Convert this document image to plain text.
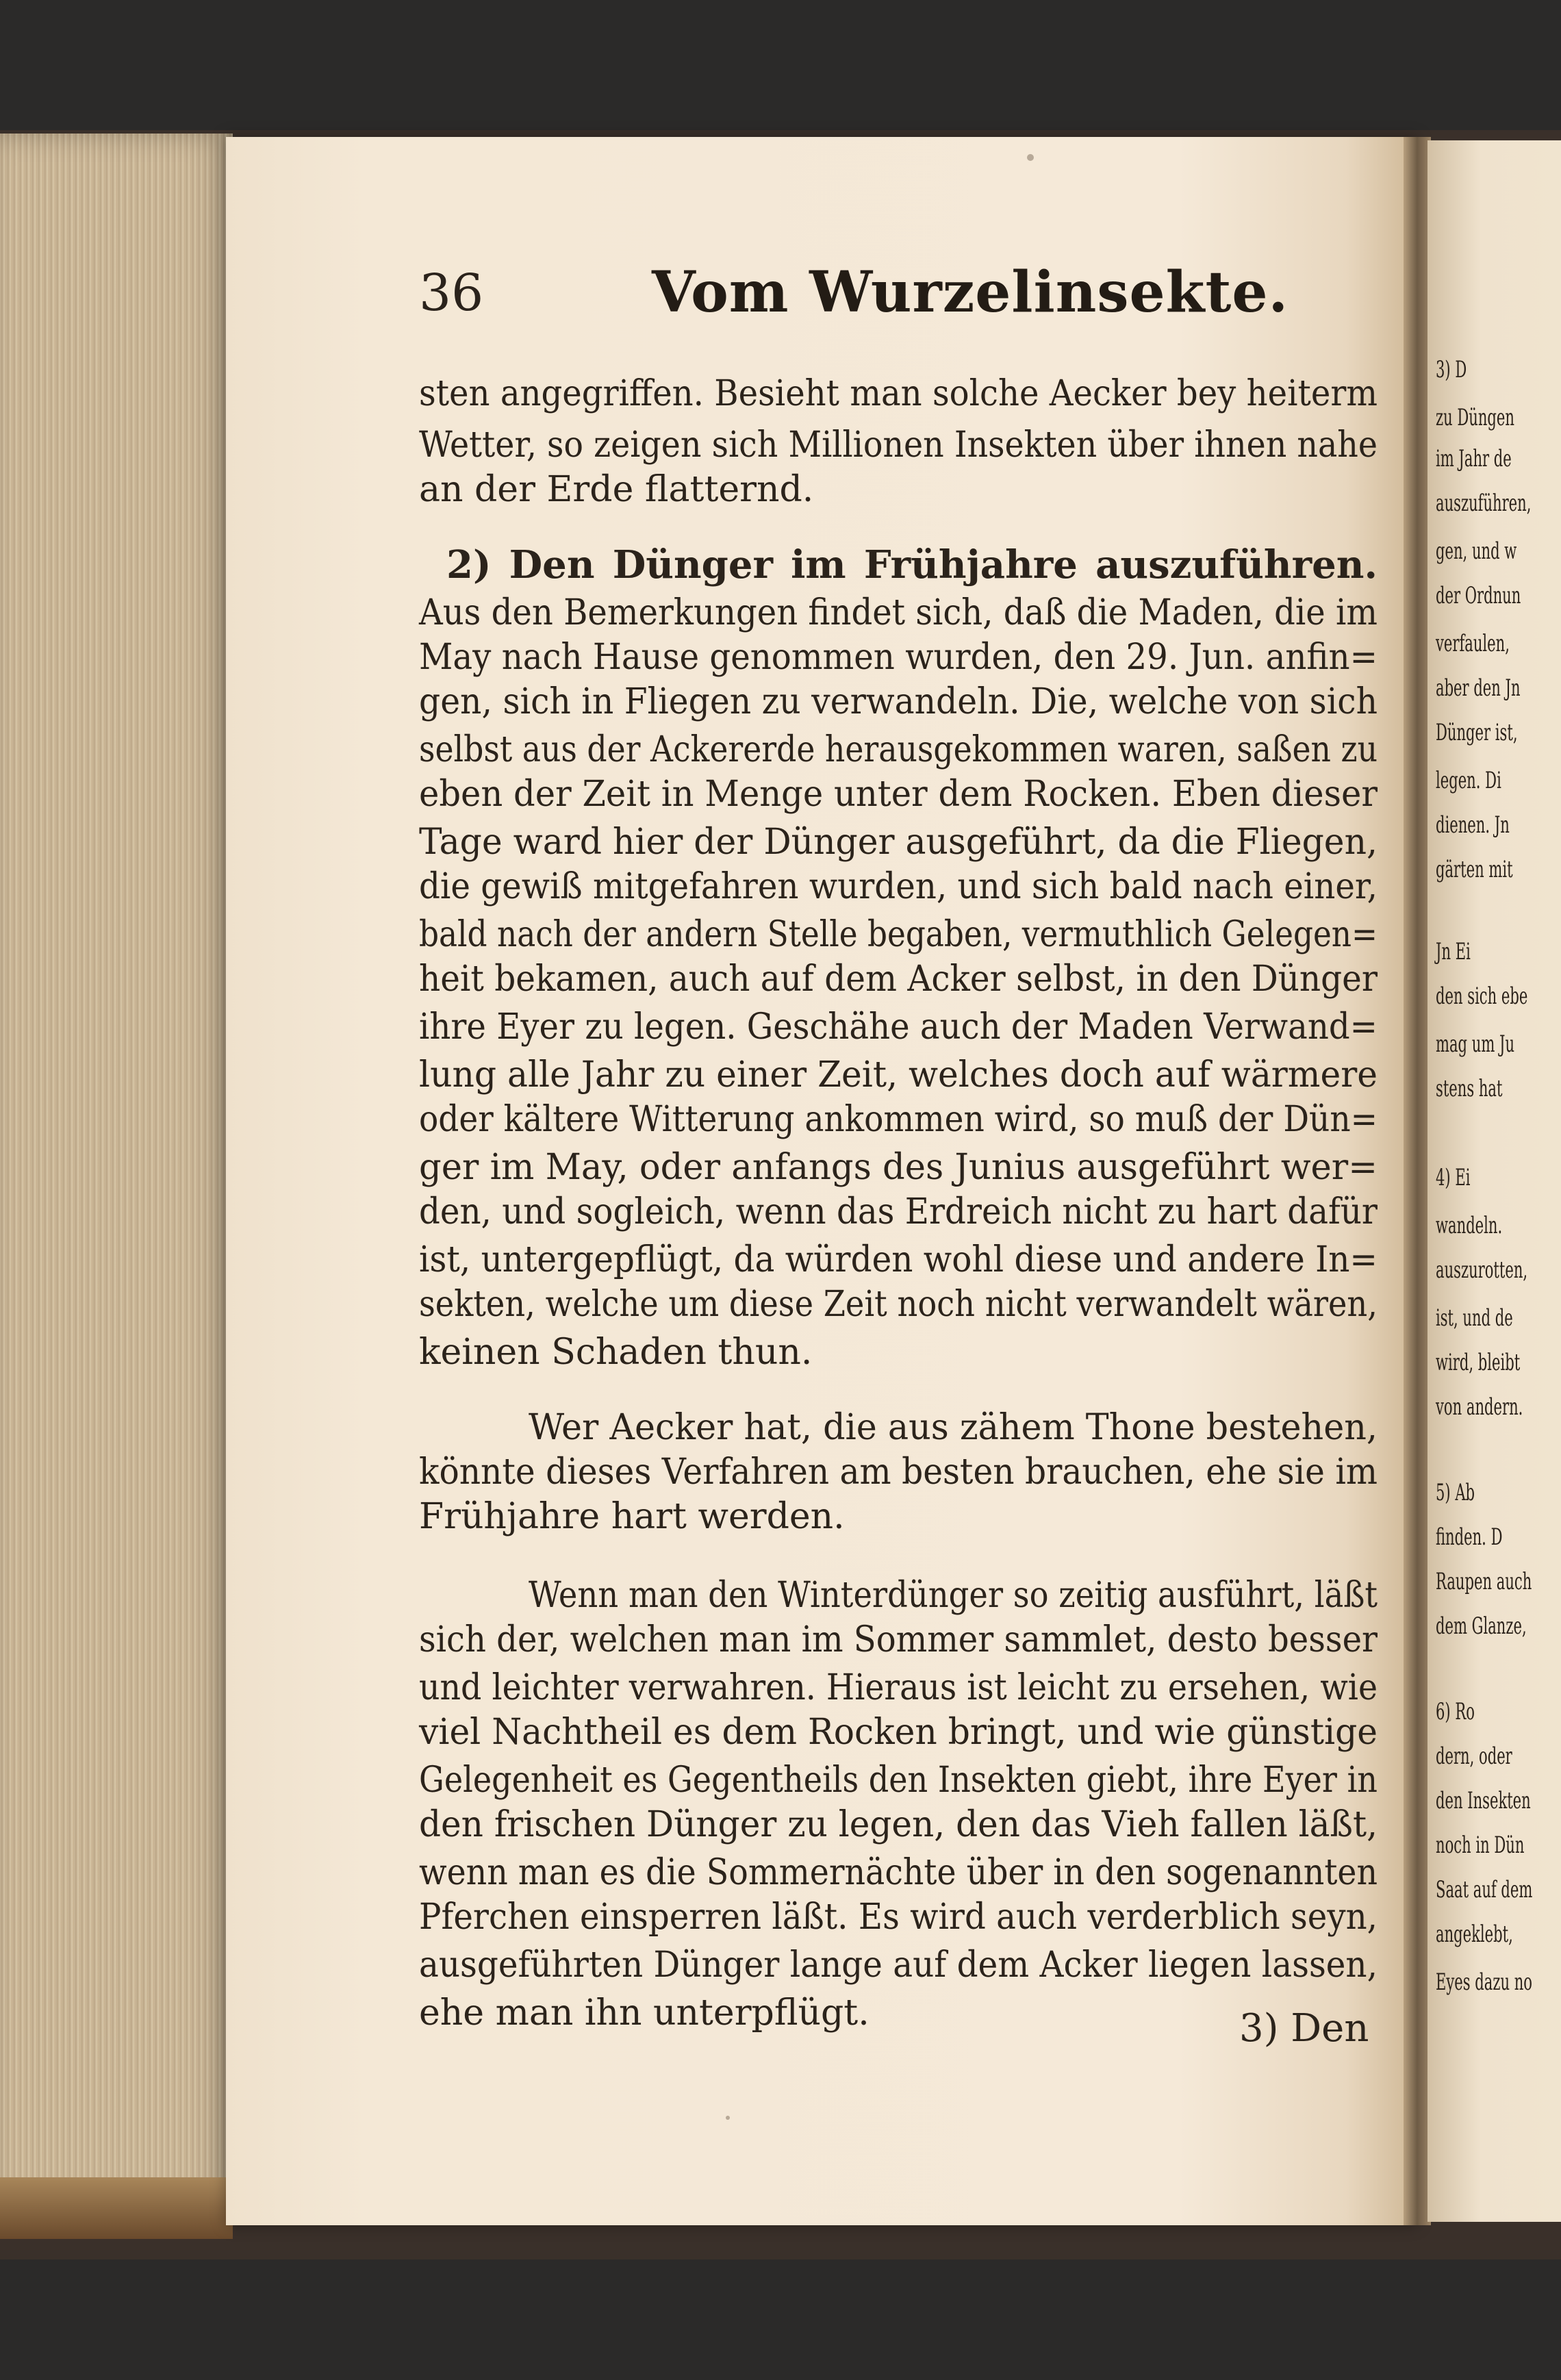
3) D
zu Düngen
im Jahr de
auszuführen,
gen, und w
der Ordnun
verfaulen,
aber den Jn
Dünger ist,
legen. Di
dienen. Jn
gärten mit
Jn Ei
den sich ebe
mag um Ju
stens hat
4) Ei
wandeln.
auszurotten,
ist, und de
wird, bleibt
von andern.
5) Ab
finden. D
Raupen auch
dem Glanze,
6) Ro
dern, oder
den Insekten
noch in Dün
Saat auf dem
angeklebt,
Eyes dazu no
36	Vom Wurzelinsekte.
sten angegriffen. Besieht man solche Aecker bey heiterm
Wetter, so zeigen sich Millionen Insekten über ihnen nahe
an der Erde flatternd.
2) Den Dünger im Frühjahre auszuführen.
Aus den Bemerkungen findet sich, daß die Maden, die im
May nach Hause genommen wurden, den 29. Jun. anfin=
gen, sich in Fliegen zu verwandeln. Die, welche von sich
selbst aus der Ackererde herausgekommen waren, saßen zu
eben der Zeit in Menge unter dem Rocken. Eben dieser
Tage ward hier der Dünger ausgeführt, da die Fliegen,
die gewiß mitgefahren wurden, und sich bald nach einer,
bald nach der andern Stelle begaben, vermuthlich Gelegen=
heit bekamen, auch auf dem Acker selbst, in den Dünger
ihre Eyer zu legen. Geschähe auch der Maden Verwand=
lung alle Jahr zu einer Zeit, welches doch auf wärmere
oder kältere Witterung ankommen wird, so muß der Dün=
ger im May, oder anfangs des Junius ausgeführt wer=
den, und sogleich, wenn das Erdreich nicht zu hart dafür
ist, untergepflügt, da würden wohl diese und andere In=
sekten, welche um diese Zeit noch nicht verwandelt wären,
keinen Schaden thun.
Wer Aecker hat, die aus zähem Thone bestehen,
könnte dieses Verfahren am besten brauchen, ehe sie im
Frühjahre hart werden.
Wenn man den Winterdünger so zeitig ausführt, läßt
sich der, welchen man im Sommer sammlet, desto besser
und leichter verwahren. Hieraus ist leicht zu ersehen, wie
viel Nachtheil es dem Rocken bringt, und wie günstige
Gelegenheit es Gegentheils den Insekten giebt, ihre Eyer in
den frischen Dünger zu legen, den das Vieh fallen läßt,
wenn man es die Sommernächte über in den sogenannten
Pferchen einsperren läßt. Es wird auch verderblich seyn,
ausgeführten Dünger lange auf dem Acker liegen lassen,
ehe man ihn unterpflügt.	3) Den
